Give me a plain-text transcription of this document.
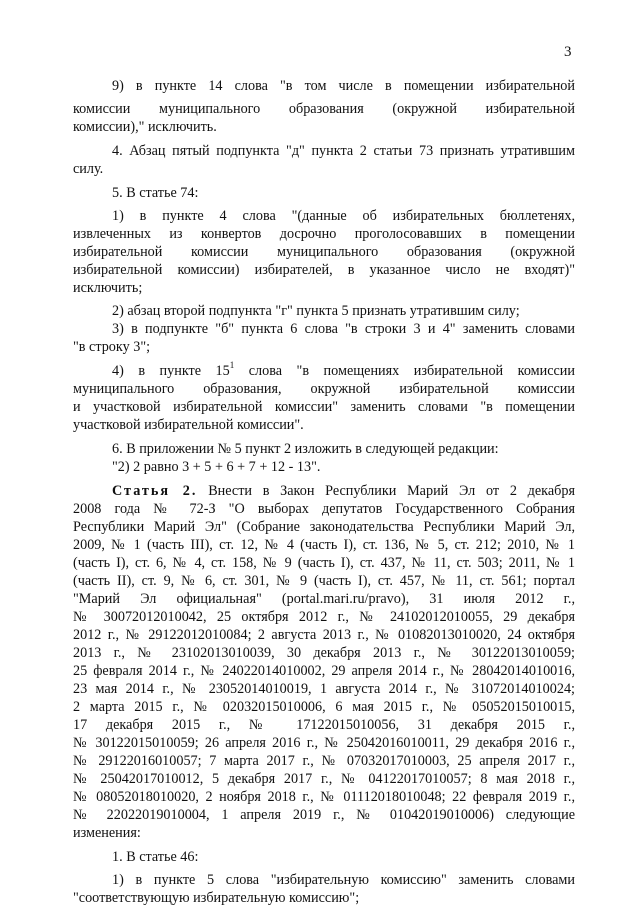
3
9) в пункте 14 слова "в том числе в помещении избирательной
комиссии муниципального образования (окружной избирательной
комиссии)," исключить.
4. Абзац пятый подпункта "д" пункта 2 статьи 73 признать утратившим
силу.
5. В статье 74:
1) в пункте 4 слова "(данные об избирательных бюллетенях,
извлеченных из конвертов досрочно проголосовавших в помещении
избирательной комиссии муниципального образования (окружной
избирательной комиссии) избирателей, в указанное число не входят)"
исключить;
2) абзац второй подпункта "г" пункта 5 признать утратившим силу;
3) в подпункте "б" пункта 6 слова "в строки 3 и 4" заменить словами
"в строку 3";
4) в пункте $15^1$ слова "в помещениях избирательной комиссии
муниципального образования, окружной избирательной комиссии
и участковой избирательной комиссии" заменить словами "в помещении
участковой избирательной комиссии".
6. В приложении № 5 пункт 2 изложить в следующей редакции:
"2) 2 равно 3 + 5 + 6 + 7 + 12 - 13".
Статья 2. Внести в Закон Республики Марий Эл от 2 декабря
2008 года № 72-З "О выборах депутатов Государственного Собрания
Республики Марий Эл" (Собрание законодательства Республики Марий Эл,
2009, № 1 (часть III), ст. 12, № 4 (часть I), ст. 136, № 5, ст. 212; 2010, № 1
(часть I), ст. 6, № 4, ст. 158, № 9 (часть I), ст. 437, № 11, ст. 503; 2011, № 1
(часть II), ст. 9, № 6, ст. 301, № 9 (часть I), ст. 457, № 11, ст. 561; портал
"Марий Эл официальная" (portal.mari.ru/pravo), 31 июля 2012 г.,
№ 30072012010042, 25 октября 2012 г., № 24102012010055, 29 декабря
2012 г., № 29122012010084; 2 августа 2013 г., № 01082013010020, 24 октября
2013 г., № 23102013010039, 30 декабря 2013 г., № 30122013010059;
25 февраля 2014 г., № 24022014010002, 29 апреля 2014 г., № 28042014010016,
23 мая 2014 г., № 23052014010019, 1 августа 2014 г., № 31072014010024;
2 марта 2015 г., № 02032015010006, 6 мая 2015 г., № 05052015010015,
17 декабря 2015 г., № 17122015010056, 31 декабря 2015 г.,
№ 30122015010059; 26 апреля 2016 г., № 25042016010011, 29 декабря 2016 г.,
№ 29122016010057; 7 марта 2017 г., № 07032017010003, 25 апреля 2017 г.,
№ 25042017010012, 5 декабря 2017 г., № 04122017010057; 8 мая 2018 г.,
№ 08052018010020, 2 ноября 2018 г., № 01112018010048; 22 февраля 2019 г.,
№ 22022019010004, 1 апреля 2019 г., № 01042019010006) следующие
изменения:
1. В статье 46:
1) в пункте 5 слова "избирательную комиссию" заменить словами
"соответствующую избирательную комиссию";
